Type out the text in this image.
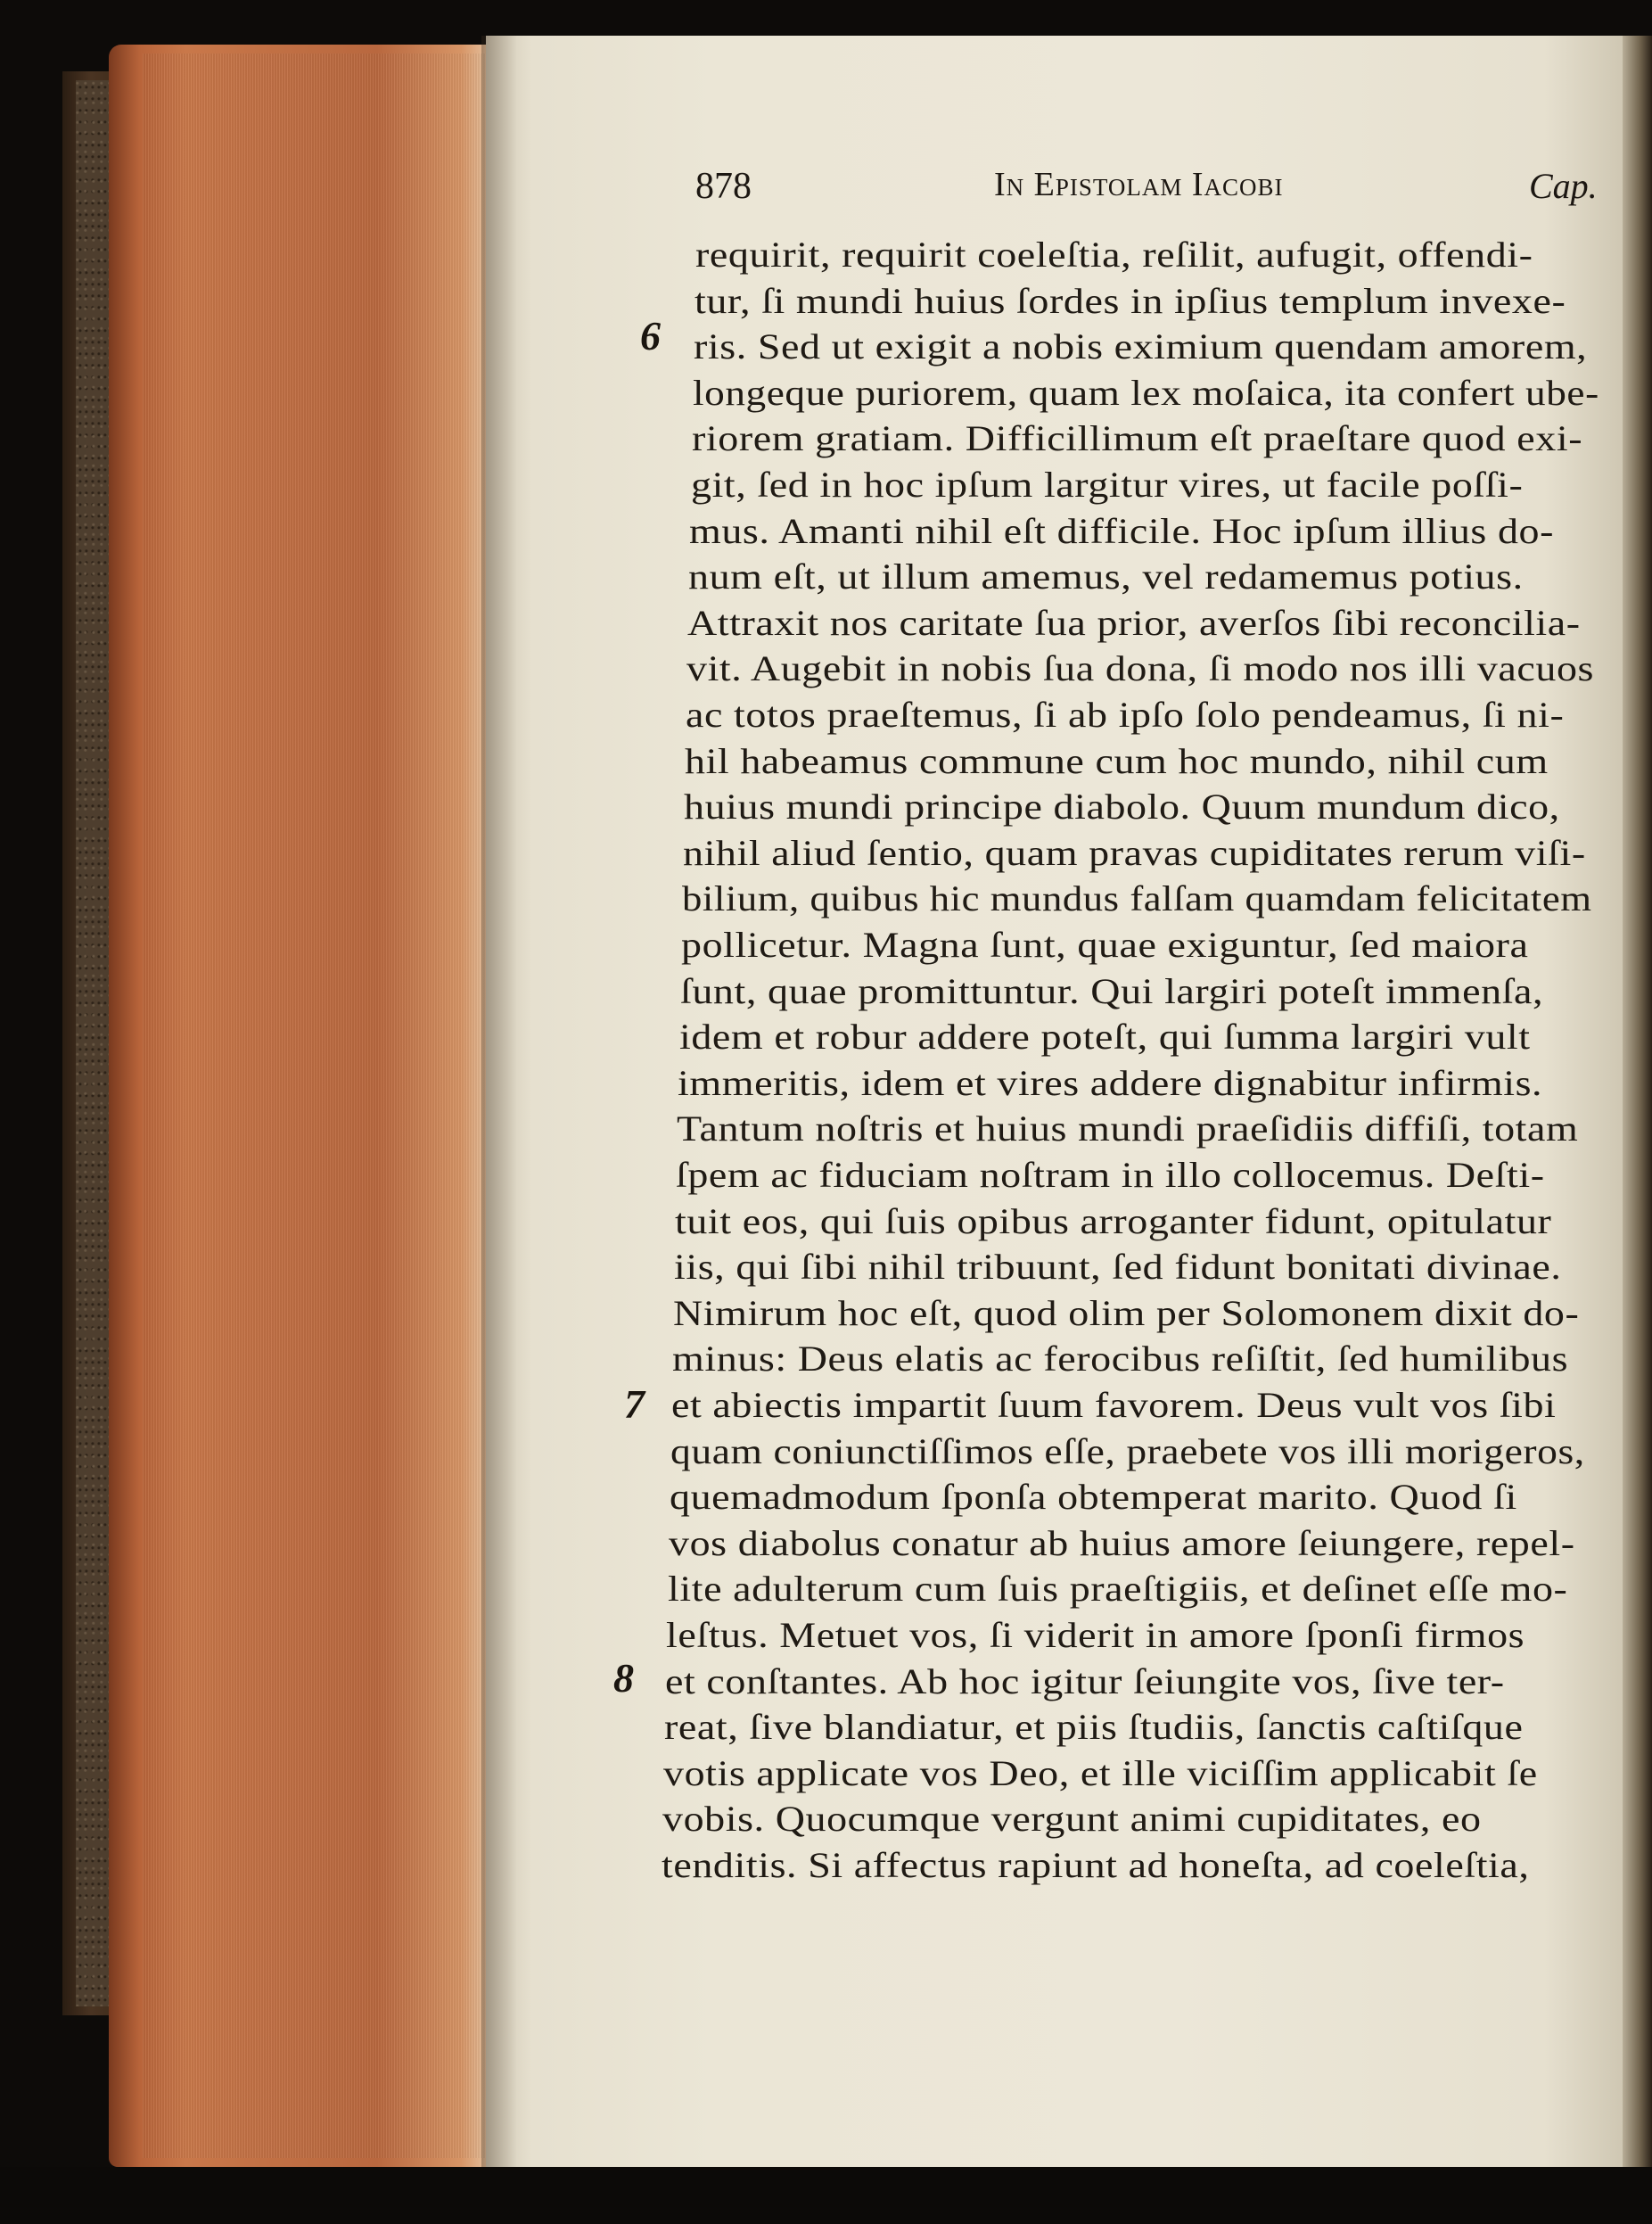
878	In Epistolam Iacobi	Cap.
6
7
8
requirit, requirit coeleſtia, reſilit, aufugit, offendi-
tur, ſi mundi huius ſordes in ipſius templum invexe-
ris. Sed ut exigit a nobis eximium quendam amorem,
longeque puriorem, quam lex moſaica, ita confert ube-
riorem gratiam. Difficillimum eſt praeſtare quod exi-
git, ſed in hoc ipſum largitur vires, ut facile poſſi-
mus. Amanti nihil eſt difficile. Hoc ipſum illius do-
num eſt, ut illum amemus, vel redamemus potius.
Attraxit nos caritate ſua prior, averſos ſibi reconcilia-
vit. Augebit in nobis ſua dona, ſi modo nos illi vacuos
ac totos praeſtemus, ſi ab ipſo ſolo pendeamus, ſi ni-
hil habeamus commune cum hoc mundo, nihil cum
huius mundi principe diabolo. Quum mundum dico,
nihil aliud ſentio, quam pravas cupiditates rerum viſi-
bilium, quibus hic mundus falſam quamdam felicitatem
pollicetur. Magna ſunt, quae exiguntur, ſed maiora
ſunt, quae promittuntur. Qui largiri poteſt immenſa,
idem et robur addere poteſt, qui ſumma largiri vult
immeritis, idem et vires addere dignabitur infirmis.
Tantum noſtris et huius mundi praeſidiis diffiſi, totam
ſpem ac fiduciam noſtram in illo collocemus. Deſti-
tuit eos, qui ſuis opibus arroganter fidunt, opitulatur
iis, qui ſibi nihil tribuunt, ſed fidunt bonitati divinae.
Nimirum hoc eſt, quod olim per Solomonem dixit do-
minus: Deus elatis ac ferocibus reſiſtit, ſed humilibus
et abiectis impartit ſuum favorem. Deus vult vos ſibi
quam coniunctiſſimos eſſe, praebete vos illi morigeros,
quemadmodum ſponſa obtemperat marito. Quod ſi
vos diabolus conatur ab huius amore ſeiungere, repel-
lite adulterum cum ſuis praeſtigiis, et deſinet eſſe mo-
leſtus. Metuet vos, ſi viderit in amore ſponſi firmos
et conſtantes. Ab hoc igitur ſeiungite vos, ſive ter-
reat, ſive blandiatur, et piis ſtudiis, ſanctis caſtiſque
votis applicate vos Deo, et ille viciſſim applicabit ſe
vobis. Quocumque vergunt animi cupiditates, eo
tenditis. Si affectus rapiunt ad honeſta, ad coeleſtia,
